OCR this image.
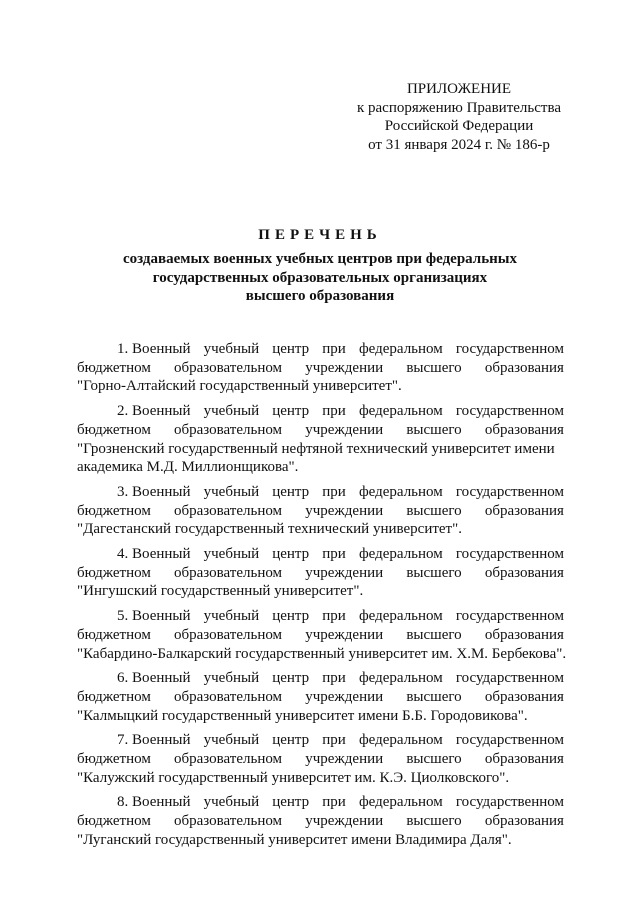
ПРИЛОЖЕНИЕ
к распоряжению Правительства
Российской Федерации
от 31 января 2024 г. № 186-р
ПЕРЕЧЕНЬ
создаваемых военных учебных центров при федеральных
государственных образовательных организациях
высшего образования
1. Военный учебный центр при федеральном государственном
бюджетном образовательном учреждении высшего образования
"Горно-Алтайский государственный университет".
2. Военный учебный центр при федеральном государственном
бюджетном образовательном учреждении высшего образования
"Грозненский государственный нефтяной технический университет имени
академика М.Д. Миллионщикова".
3. Военный учебный центр при федеральном государственном
бюджетном образовательном учреждении высшего образования
"Дагестанский государственный технический университет".
4. Военный учебный центр при федеральном государственном
бюджетном образовательном учреждении высшего образования
"Ингушский государственный университет".
5. Военный учебный центр при федеральном государственном
бюджетном образовательном учреждении высшего образования
"Кабардино-Балкарский государственный университет им. Х.М. Бербекова".
6. Военный учебный центр при федеральном государственном
бюджетном образовательном учреждении высшего образования
"Калмыцкий государственный университет имени Б.Б. Городовикова".
7. Военный учебный центр при федеральном государственном
бюджетном образовательном учреждении высшего образования
"Калужский государственный университет им. К.Э. Циолковского".
8. Военный учебный центр при федеральном государственном
бюджетном образовательном учреждении высшего образования
"Луганский государственный университет имени Владимира Даля".
